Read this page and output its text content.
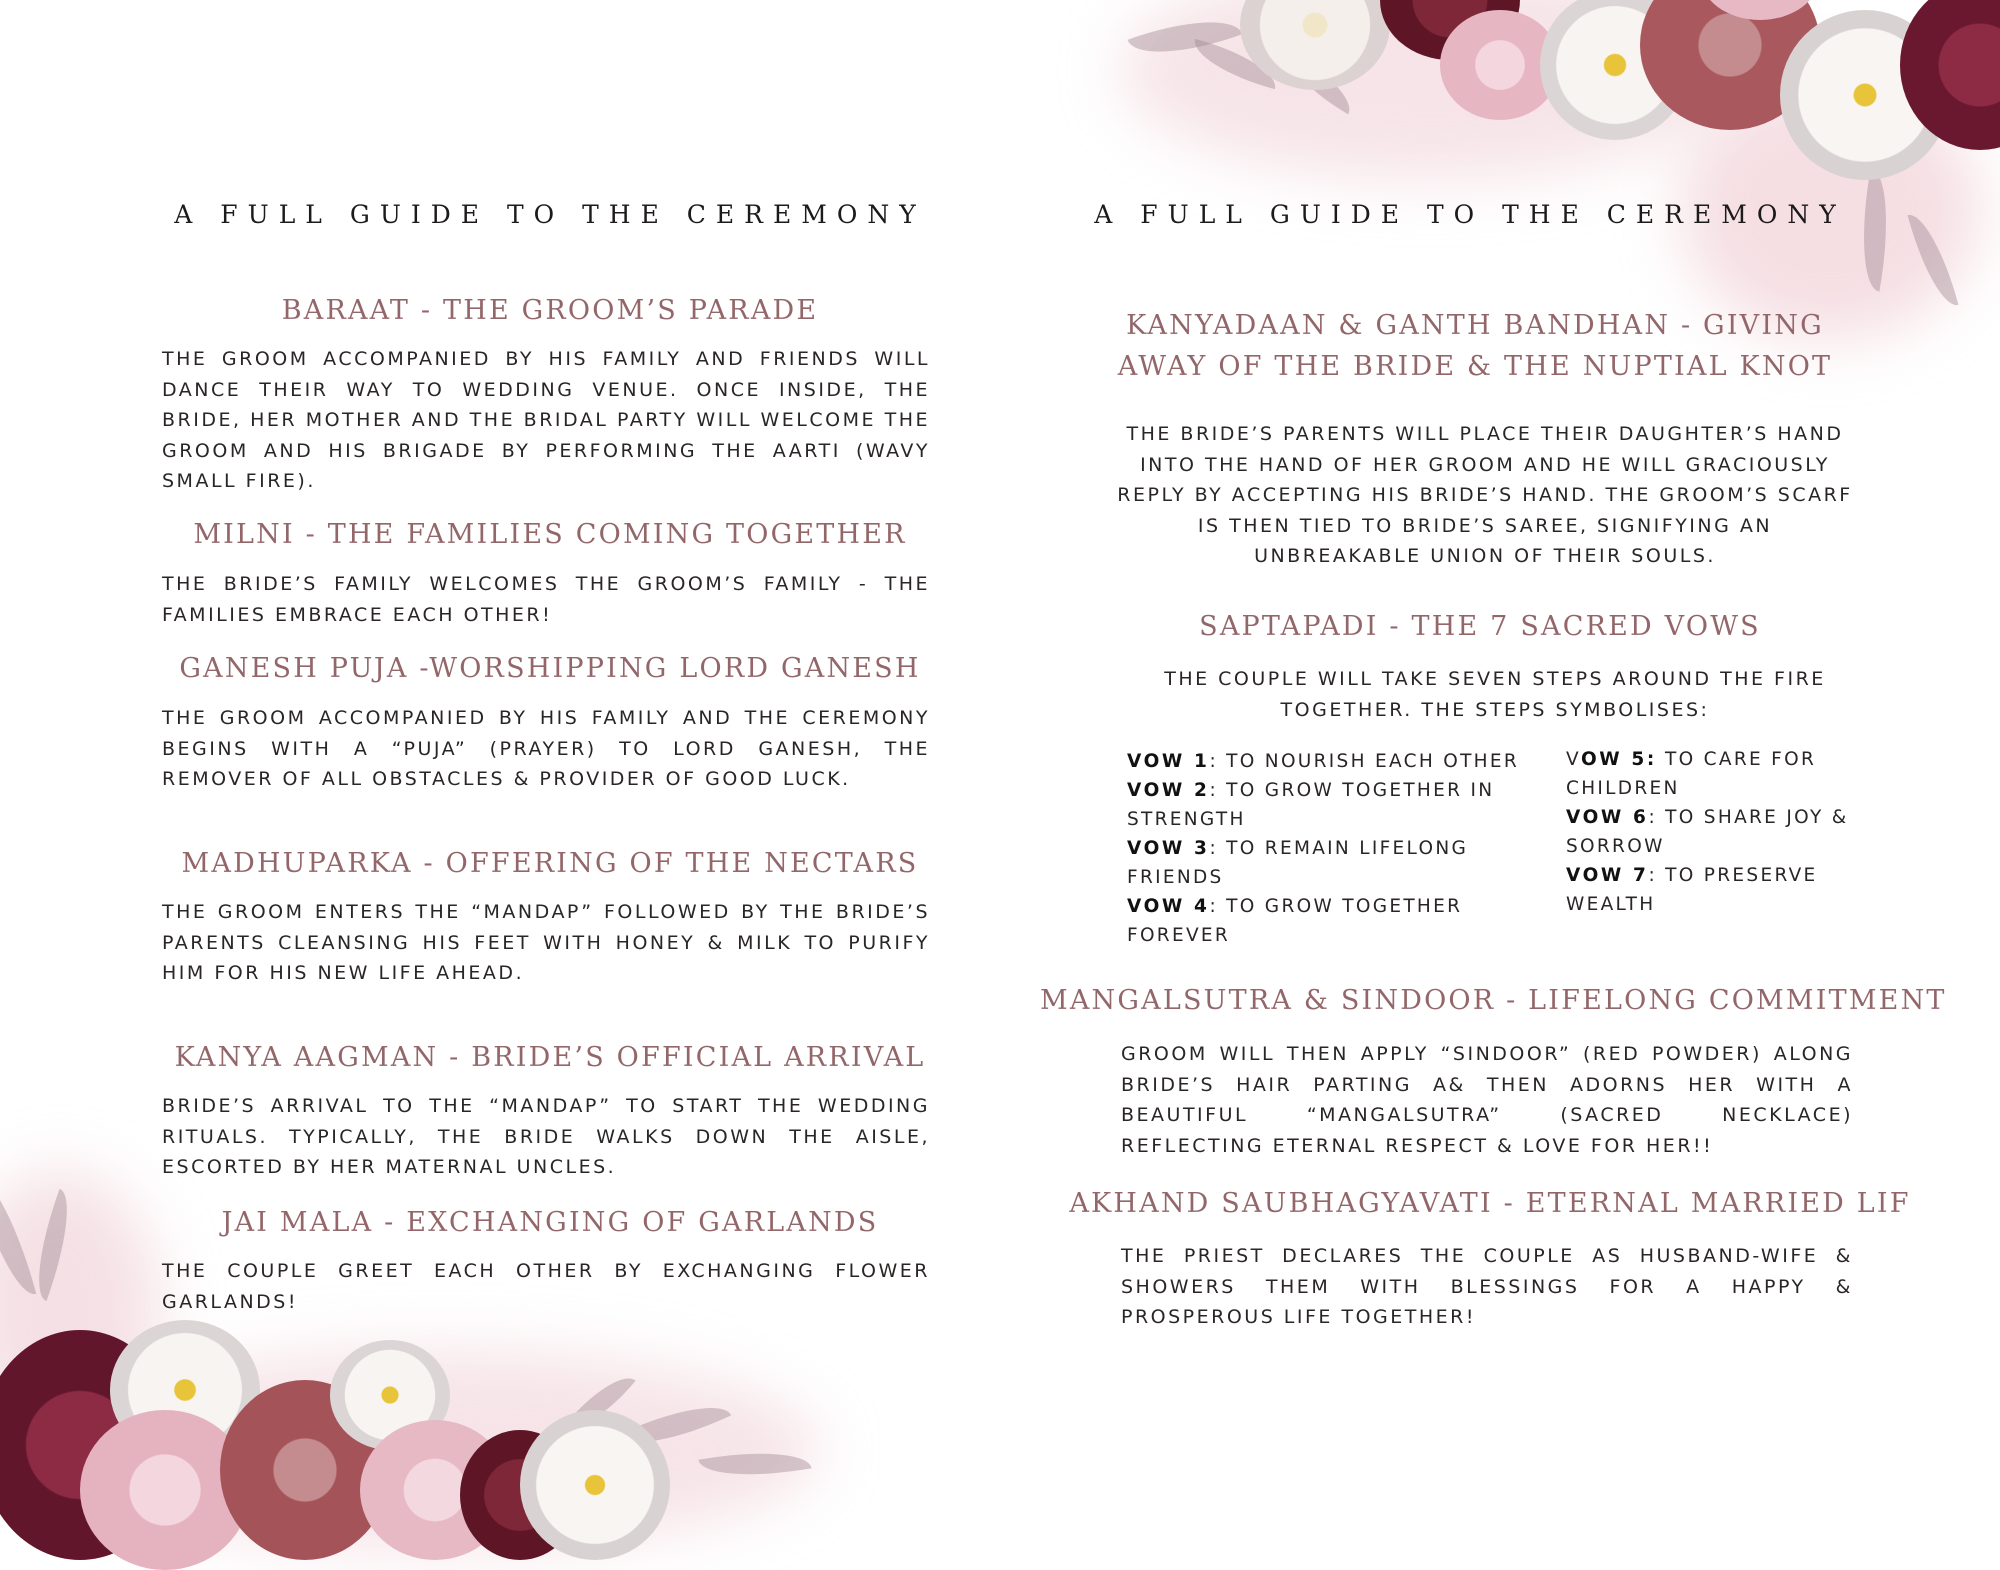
A FULL GUIDE TO THE CEREMONY
BARAAT - THE GROOM’S PARADE

THE GROOM ACCOMPANIED BY HIS FAMILY AND FRIENDS WILL DANCE THEIR WAY TO WEDDING VENUE. ONCE INSIDE, THE BRIDE, HER MOTHER AND THE BRIDAL PARTY WILL WELCOME THE GROOM AND HIS BRIGADE BY PERFORMING THE AARTI (WAVY SMALL FIRE).

MILNI - THE FAMILIES COMING TOGETHER

THE BRIDE’S FAMILY WELCOMES THE GROOM’S FAMILY - THE FAMILIES EMBRACE EACH OTHER!

GANESH PUJA -WORSHIPPING LORD GANESH

THE GROOM ACCOMPANIED BY HIS FAMILY AND THE CEREMONY BEGINS WITH A “PUJA” (PRAYER) TO LORD GANESH, THE REMOVER OF ALL OBSTACLES & PROVIDER OF GOOD LUCK.

MADHUPARKA - OFFERING OF THE NECTARS

THE GROOM ENTERS THE “MANDAP” FOLLOWED BY THE BRIDE’S PARENTS CLEANSING HIS FEET WITH HONEY & MILK TO PURIFY HIM FOR HIS NEW LIFE AHEAD.

KANYA AAGMAN - BRIDE’S OFFICIAL ARRIVAL

BRIDE’S ARRIVAL TO THE “MANDAP” TO START THE WEDDING RITUALS. TYPICALLY, THE BRIDE WALKS DOWN THE AISLE, ESCORTED BY HER MATERNAL UNCLES.

JAI MALA - EXCHANGING OF GARLANDS

THE COUPLE GREET EACH OTHER BY EXCHANGING FLOWER GARLANDS!

A FULL GUIDE TO THE CEREMONY
KANYADAAN & GANTH BANDHAN - GIVING AWAY OF THE BRIDE & THE NUPTIAL KNOT

THE BRIDE’S PARENTS WILL PLACE THEIR DAUGHTER’S HAND INTO THE HAND OF HER GROOM AND HE WILL GRACIOUSLY REPLY BY ACCEPTING HIS BRIDE’S HAND. THE GROOM’S SCARF IS THEN TIED TO BRIDE’S SAREE, SIGNIFYING AN UNBREAKABLE UNION OF THEIR SOULS.

SAPTAPADI - THE 7 SACRED VOWS

THE COUPLE WILL TAKE SEVEN STEPS AROUND THE FIRE TOGETHER. THE STEPS SYMBOLISES:

VOW 1: TO NOURISH EACH OTHER
VOW 2: TO GROW TOGETHER IN STRENGTH
VOW 3: TO REMAIN LIFELONG FRIENDS
VOW 4: TO GROW TOGETHER FOREVER
VOW 5: TO CARE FOR CHILDREN
VOW 6: TO SHARE JOY & SORROW
VOW 7: TO PRESERVE WEALTH
MANGALSUTRA & SINDOOR - LIFELONG COMMITMENT

GROOM WILL THEN APPLY “SINDOOR” (RED POWDER) ALONG BRIDE’S HAIR PARTING A& THEN ADORNS HER WITH A BEAUTIFUL “MANGALSUTRA” (SACRED NECKLACE) REFLECTING ETERNAL RESPECT & LOVE FOR HER!!

AKHAND SAUBHAGYAVATI - ETERNAL MARRIED LIF

THE PRIEST DECLARES THE COUPLE AS HUSBAND-WIFE & SHOWERS THEM WITH BLESSINGS FOR A HAPPY & PROSPEROUS LIFE TOGETHER!
